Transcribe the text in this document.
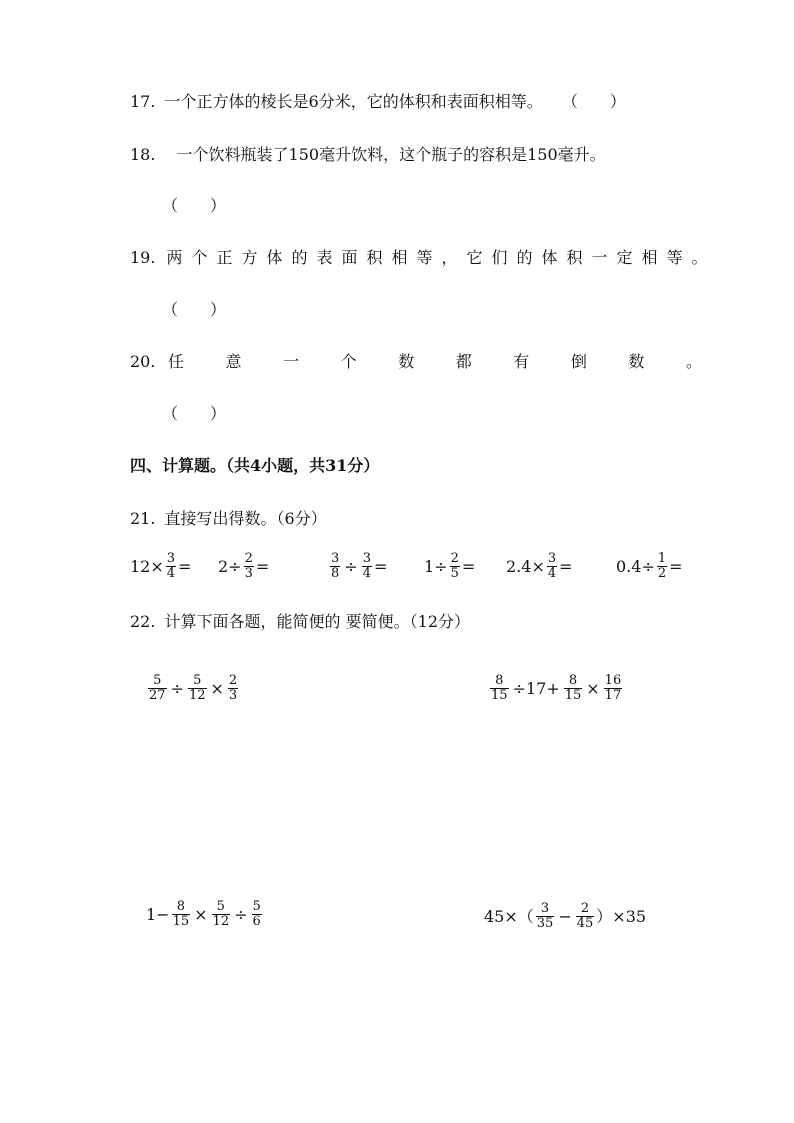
17. 一个正方体的棱长是6分米，它的体积和表面积相等。 （　　）
18. 一个饮料瓶装了150毫升饮料，这个瓶子的容积是150毫升。
（　　）
19. 两个正方体的表面积相等，它们的体积一定相等。
（　　）
20. 任	意	一	个	数	都	有	倒	数	。
（　　）
四、计算题。（共4小题，共31分）
21. 直接写出得数。（6分）
$12\times \frac{3}{4} = 2\div \frac{2}{3}$ =	$\frac{3}{8} \div \frac{3}{4} = 1\div \frac{2}{5} = 2.4\times \frac{3}{4}$ =	$0.4\div \frac{1}{2}$ =
22. 计算下面各题，能简便的 要简便。（12分）
$\frac{5}{27} \div \frac{5}{12} \times \frac{2}{3}$	$\frac{8}{15} \div 17+ \frac{8}{15} \times \frac{16}{17}$
$1- \frac{8}{15} \times \frac{5}{12} \div \frac{5}{6}$	$45\times( \frac{3}{35} - \frac{2}{45} )\times 35$
